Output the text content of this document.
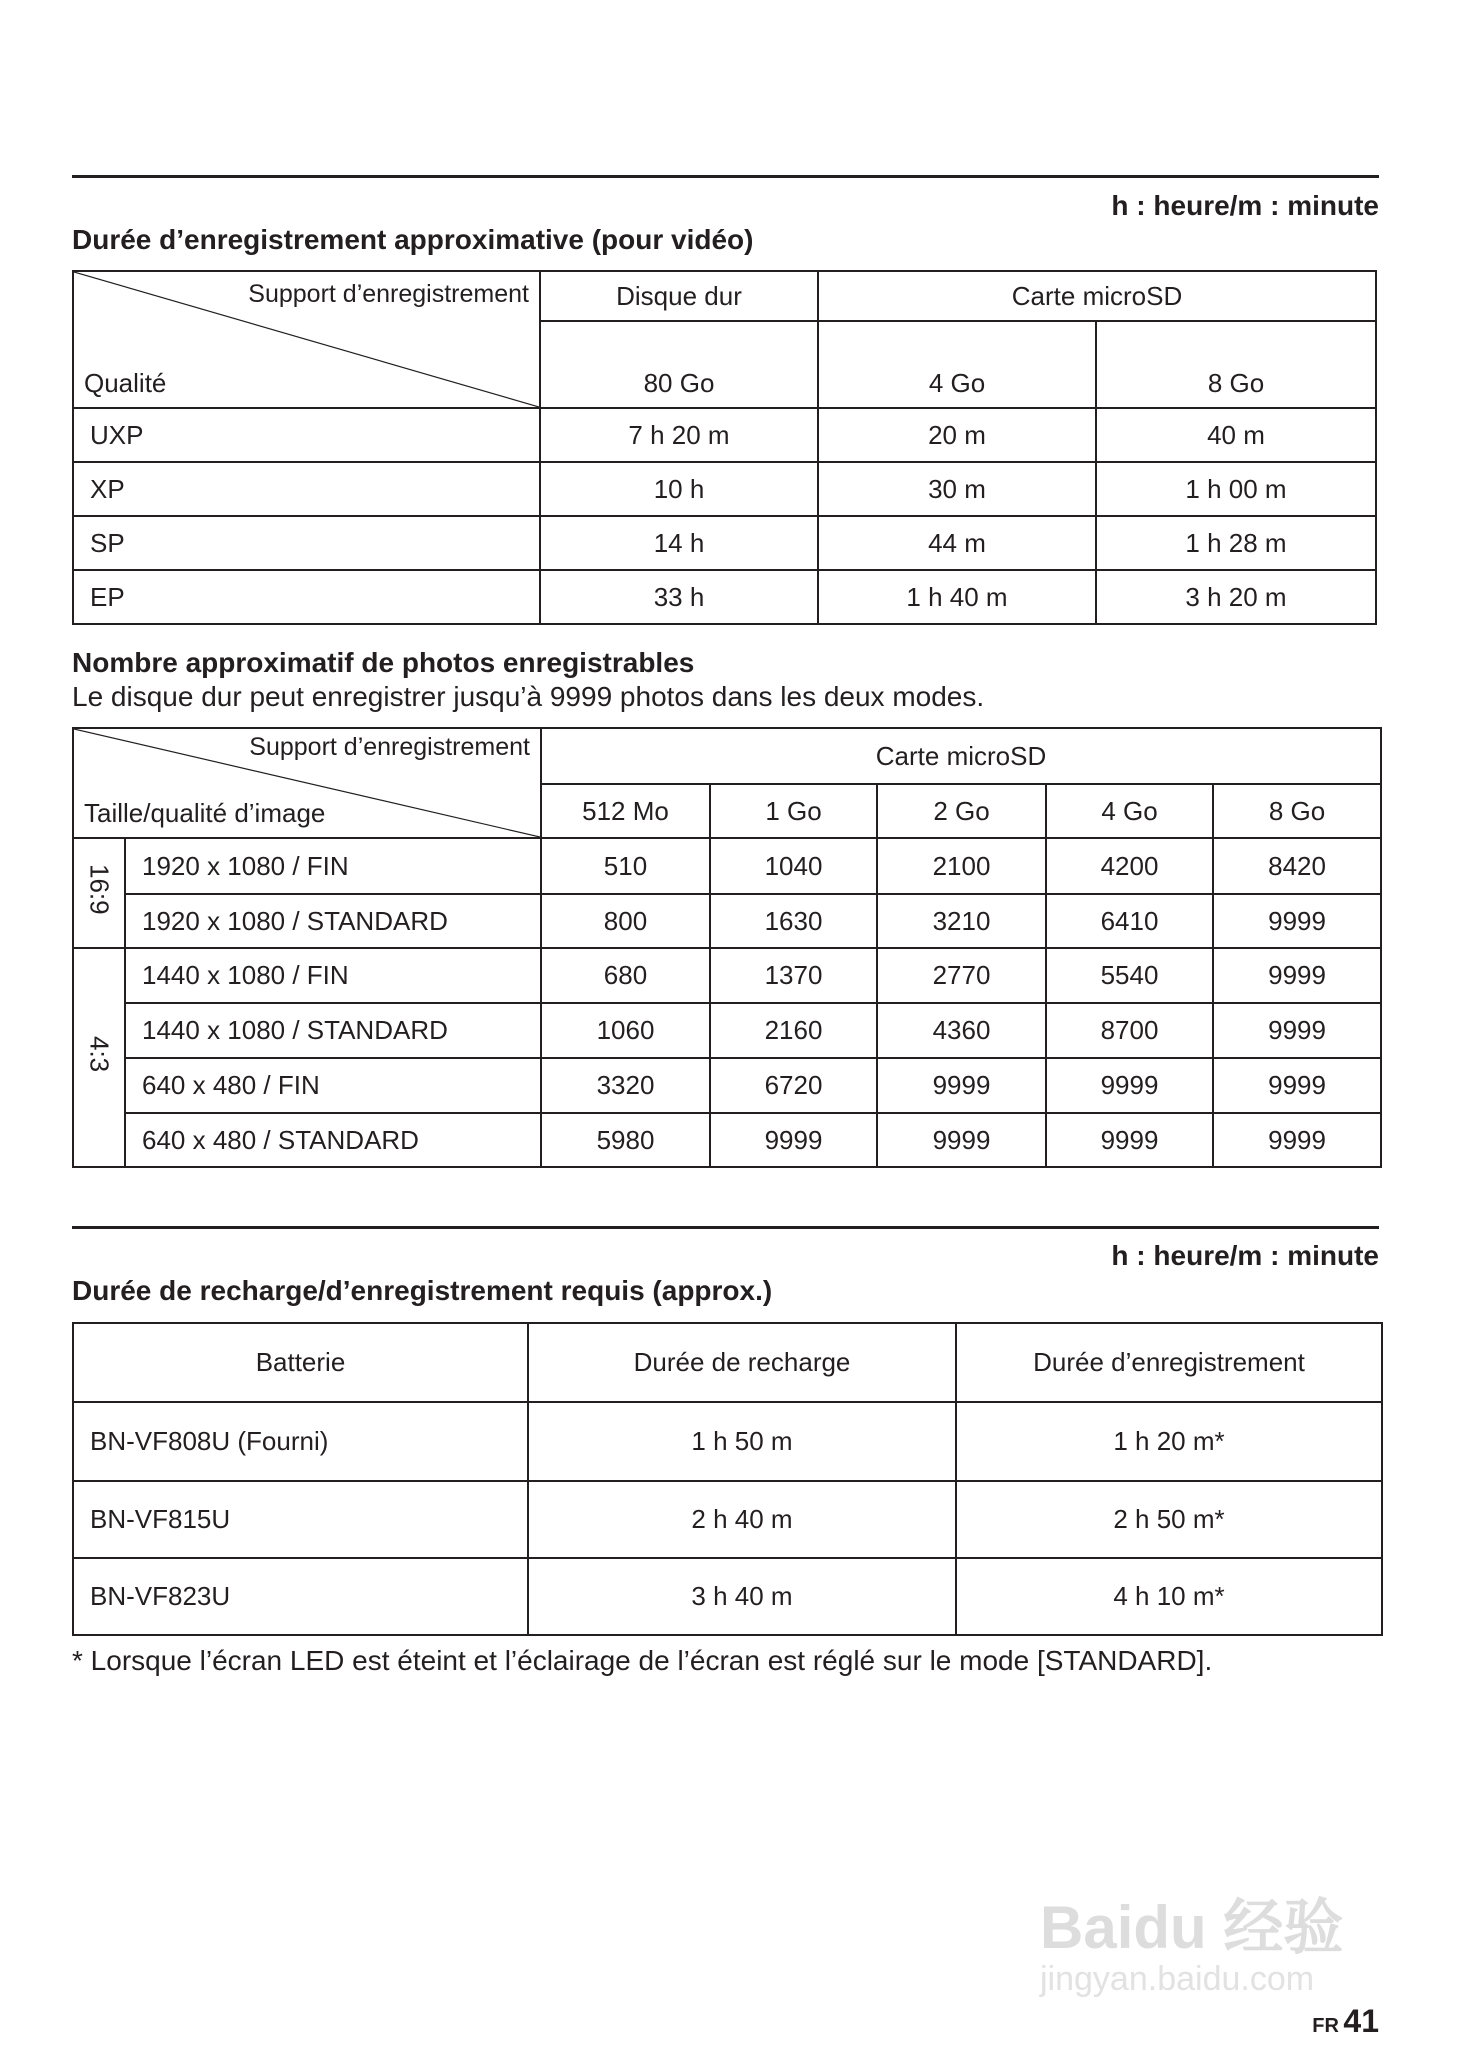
h : heure/m : minute
Durée d’enregistrement approximative (pour vidéo)
Support d’enregistrement
Qualité	Disque dur	Carte microSD	
	80 Go	4 Go	8 Go
UXP	7 h 20 m	20 m	40 m
XP	10 h	30 m	1 h 00 m
SP	14 h	44 m	1 h 28 m
EP	33 h	1 h 40 m	3 h 20 m
Nombre approximatif de photos enregistrables
Le disque dur peut enregistrer jusqu’à 9999 photos dans les deux modes.
Support d’enregistrement
Taille/qualité d’image		Carte microSD				
		512 Mo	1 Go	2 Go	4 Go	8 Go
16:9	1920 x 1080 / FIN	510	1040	2100	4200	8420
	1920 x 1080 / STANDARD	800	1630	3210	6410	9999
4:3	1440 x 1080 / FIN	680	1370	2770	5540	9999
	1440 x 1080 / STANDARD	1060	2160	4360	8700	9999
	640 x 480 / FIN	3320	6720	9999	9999	9999
	640 x 480 / STANDARD	5980	9999	9999	9999	9999
h : heure/m : minute
Durée de recharge/d’enregistrement requis (approx.)
Batterie	Durée de recharge	Durée d’enregistrement
BN-VF808U (Fourni)	1 h 50 m	1 h 20 m*
BN-VF815U	2 h 40 m	2 h 50 m*
BN-VF823U	3 h 40 m	4 h 10 m*
* Lorsque l’écran LED est éteint et l’éclairage de l’écran est réglé sur le mode [STANDARD].
Baidu 经验
jingyan.baidu.com
FR 41
